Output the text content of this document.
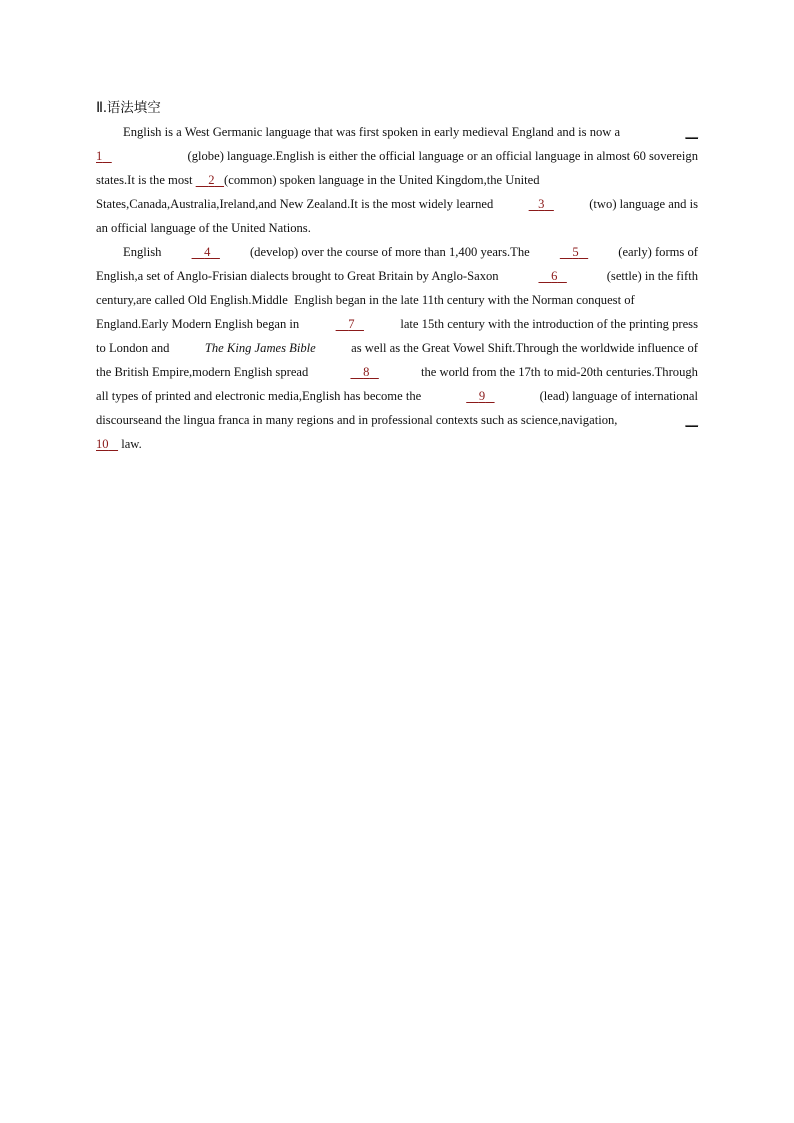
Ⅱ.语法填空
English is a West Germanic language that was first spoken in early medieval England and is now a	__
1	(globe) language.English is either the official language or an official language in almost 60 sovereign
states.It is the most
	2 (common) spoken language in the United Kingdom,the United
States,Canada,Australia,Ireland,and New Zealand.It is the most widely learned	3	(two) language and is
an official language of the United Nations.
English	4	(develop) over the course of more than 1,400 years.The	5	(early) forms of
English,a set of Anglo-Frisian dialects brought to Great Britain by Anglo-Saxon	6	(settle) in the fifth
century,are called Old English.Middle  English began in the late 11th century with the Norman conquest of
England.Early Modern English began in	7	late 15th century with the introduction of the printing press
to London and	The King James Bible	as well as the Great Vowel Shift.Through the worldwide influence of
the British Empire,modern English spread	8	the world from the 17th to mid-20th centuries.Through
all types of printed and electronic media,English has become the	9	(lead) language of international
discourseand the lingua franca in many regions and in professional contexts such as science,navigation,	__
10
	law.
